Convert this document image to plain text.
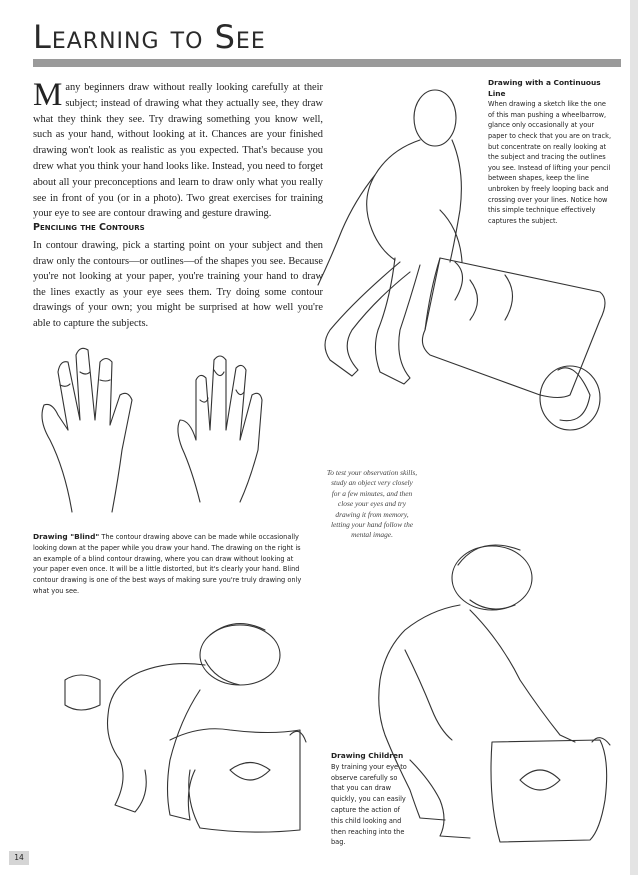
Learning to See
Many beginners draw without really looking carefully at their subject; instead of drawing what they actually see, they draw what they think they see. Try drawing something you know well, such as your hand, without looking at it. Chances are your finished drawing won't look as realistic as you expected. That's because you drew what you think your hand looks like. Instead, you need to forget about all your preconceptions and learn to draw only what you really see in front of you (or in a photo). Two great exercises for training your eye to see are contour drawing and gesture drawing.
Penciling the Contours
In contour drawing, pick a starting point on your subject and then draw only the contours—or outlines—of the shapes you see. Because you're not looking at your paper, you're training your hand to draw the lines exactly as your eye sees them. Try doing some contour drawings of your own; you might be surprised at how well you're able to capture the subjects.
Drawing with a Continuous Line
When drawing a sketch like the one of this man pushing a wheelbarrow, glance only occasionally at your paper to check that you are on track, but concentrate on really looking at the subject and tracing the outlines you see. Instead of lifting your pencil between shapes, keep the line unbroken by freely looping back and crossing over your lines. Notice how this simple technique effectively captures the subject.
To test your observation skills, study an object very closely for a few minutes, and then close your eyes and try drawing it from memory, letting your hand follow the mental image.
Drawing "Blind" The contour drawing above can be made while occasionally looking down at the paper while you draw your hand. The drawing on the right is an example of a blind contour drawing, where you can draw without looking at your paper even once. It will be a little distorted, but it's clearly your hand. Blind contour drawing is one of the best ways of making sure you're truly drawing only what you see.
Drawing Children
By training your eye to observe carefully so that you can draw quickly, you can easily capture the action of this child looking and then reaching into the bag.
14
